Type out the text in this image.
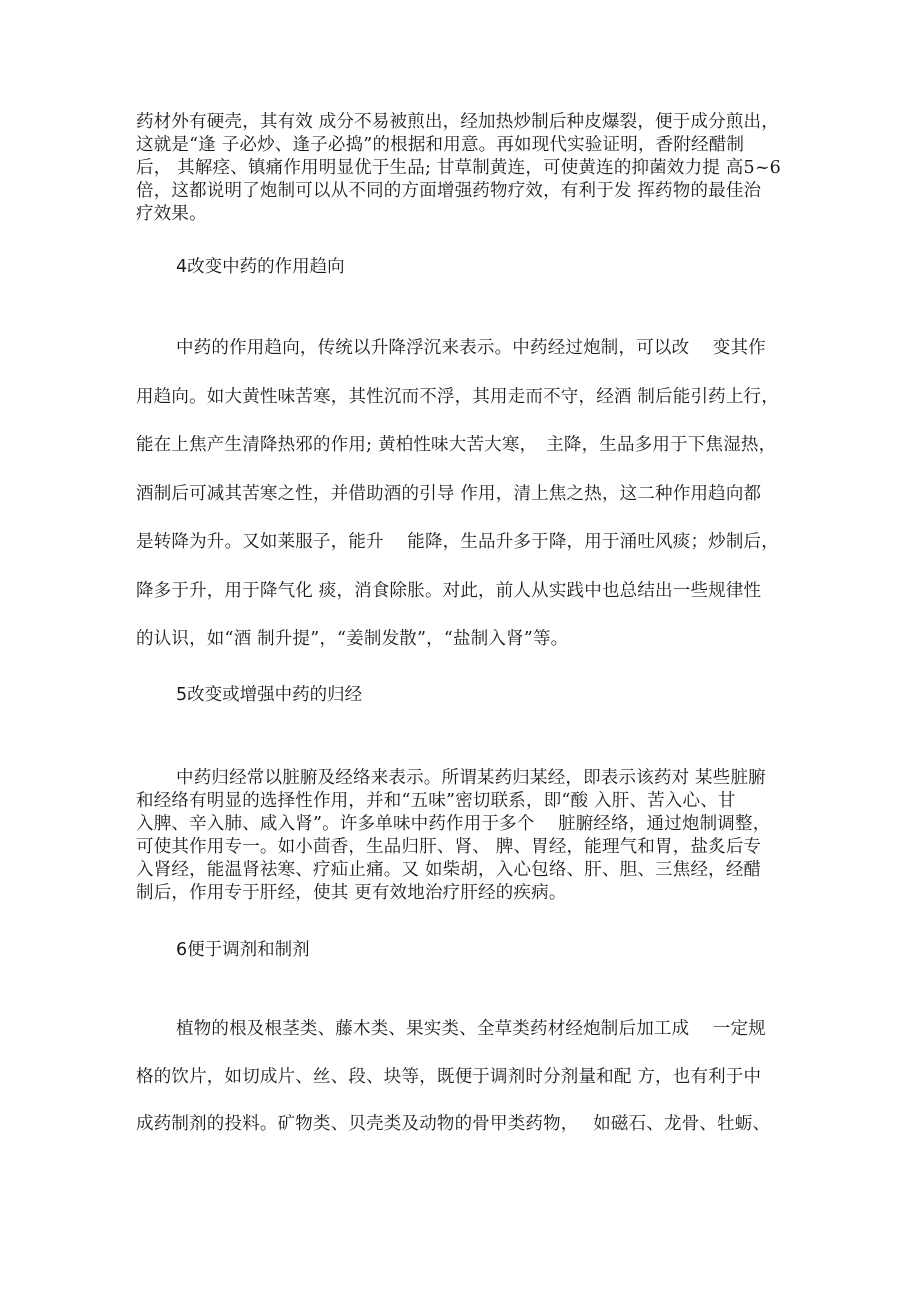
药材外有硬壳，其有效 成分不易被煎出，经加热炒制后种皮爆裂，便于成分煎出，
这就是“逢 子必炒、逢子必捣”的根据和用意。再如现代实验证明，香附经醋制
后， 其解痉、镇痛作用明显优于生品; 甘草制黄连，可使黄连的抑菌效力提 高5~6
倍，这都说明了炮制可以从不同的方面增强药物疗效，有利于发 挥药物的最佳治
疗效果。
4改变中药的作用趋向
中药的作用趋向，传统以升降浮沉来表示。中药经过炮制，可以改　 变其作
用趋向。如大黄性味苦寒，其性沉而不浮，其用走而不守，经酒 制后能引药上行，
能在上焦产生清降热邪的作用; 黄柏性味大苦大寒，　主降，生品多用于下焦湿热，
酒制后可减其苦寒之性，并借助酒的引导 作用，清上焦之热，这二种作用趋向都
是转降为升。又如莱服子，能升 　能降，生品升多于降，用于涌吐风痰；炒制后，
降多于升，用于降气化 痰，消食除胀。对此，前人从实践中也总结出一些规律性
的认识，如“酒 制升提”，“姜制发散”，“盐制入肾”等。
5改变或增强中药的归经
中药归经常以脏腑及经络来表示。所谓某药归某经，即表示该药对 某些脏腑
和经络有明显的选择性作用，并和“五味”密切联系，即“酸 入肝、苦入心、甘
入脾、辛入肺、咸入肾”。许多单味中药作用于多个　 脏腑经络，通过炮制调整，
可使其作用专一。如小茴香，生品归肝、肾、 脾、胃经，能理气和胃，盐炙后专
入肾经，能温肾祛寒、疗疝止痛。又 如柴胡，入心包络、肝、胆、三焦经，经醋
制后，作用专于肝经，使其 更有效地治疗肝经的疾病。
6便于调剂和制剂
植物的根及根茎类、藤木类、果实类、全草类药材经炮制后加工成　 一定规
格的饮片，如切成片、丝、段、块等，既便于调剂时分剂量和配 方，也有利于中
成药制剂的投料。矿物类、贝壳类及动物的骨甲类药物，　 如磁石、龙骨、牡蛎、
